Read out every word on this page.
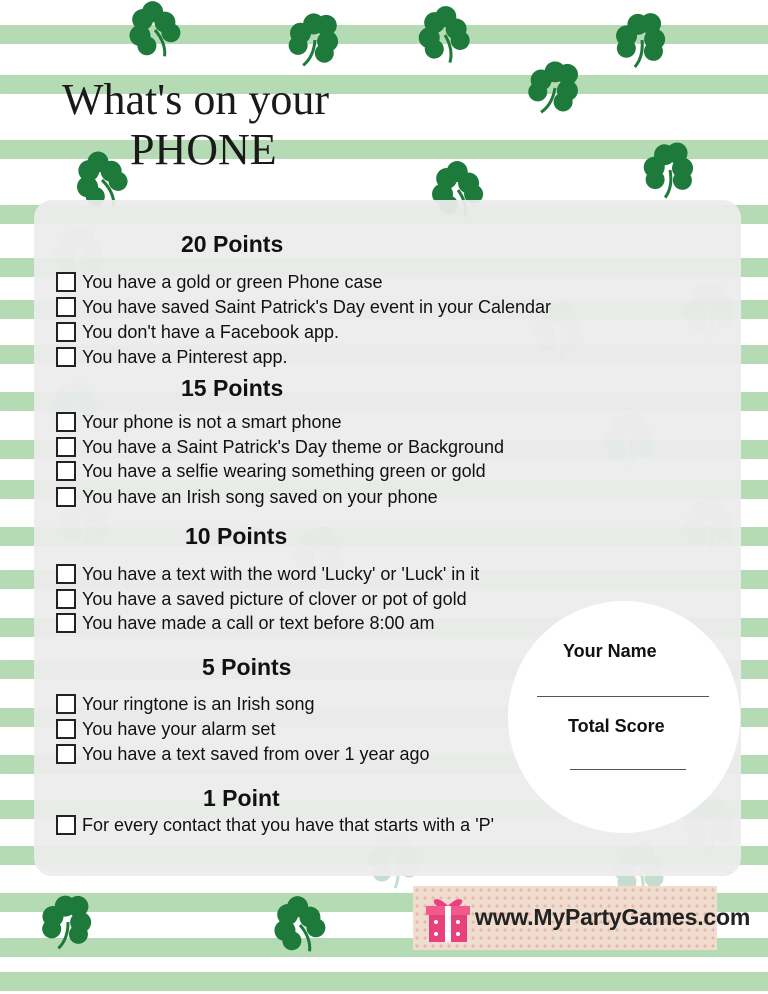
What's on your
PHONE
20 Points
You have a gold or green Phone case
You have saved Saint Patrick's Day event in your Calendar
You don't have a Facebook app.
You have a Pinterest app.
15 Points
Your phone is not a smart phone
You have a Saint Patrick's Day theme or Background
You have a selfie wearing something green or gold
You have an Irish song saved on your phone
10 Points
You have a text with the word 'Lucky' or 'Luck' in it
You have a saved picture of clover or pot of gold
You have made a call or text before 8:00 am
5 Points
Your ringtone is an Irish song
You have your alarm set
You have a text saved from over 1 year ago
1 Point
For every contact that you have that starts with a 'P'
Your Name
Total Score
www.MyPartyGames.com
